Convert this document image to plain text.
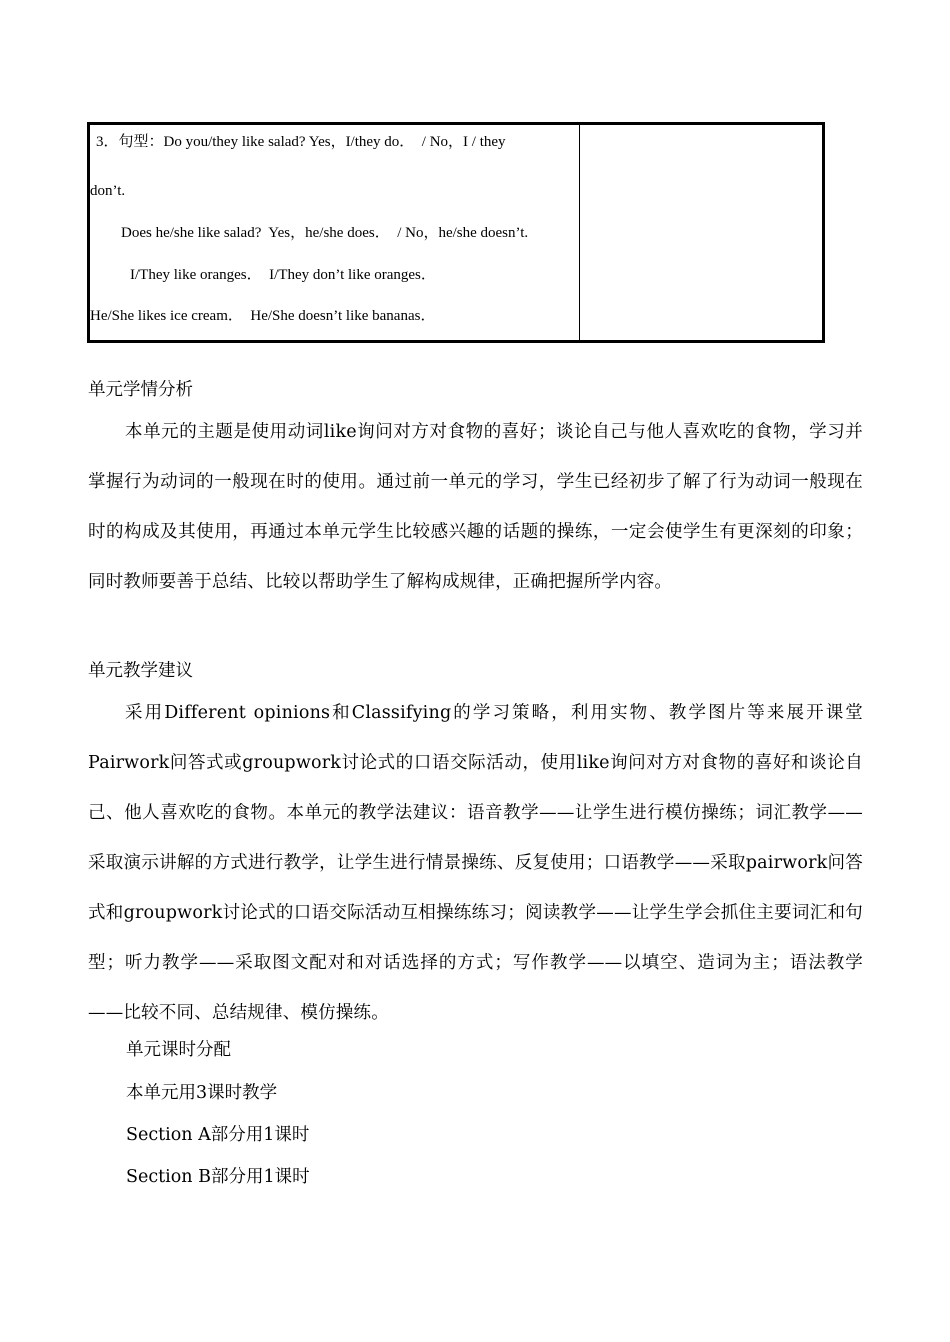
3．句型：Do you/they like salad? Yes，I/they do．  / No，I / they
don’t.
Does he/she like salad?  Yes，he/she does．  / No，he/she doesn’t.
I/They like oranges．  I/They don’t like oranges．
He/She likes ice cream．  He/She doesn’t like bananas．
单元学情分析
本单元的主题是使用动词like询问对方对食物的喜好；谈论自己与他人喜欢吃的食物，学习并掌握行为动词的一般现在时的使用。通过前一单元的学习，学生已经初步了解了行为动词一般现在时的构成及其使用，再通过本单元学生比较感兴趣的话题的操练，一定会使学生有更深刻的印象；同时教师要善于总结、比较以帮助学生了解构成规律，正确把握所学内容。
单元教学建议
采用Different opinions和Classifying的学习策略，利用实物、教学图片等来展开课堂Pairwork问答式或groupwork讨论式的口语交际活动，使用like询问对方对食物的喜好和谈论自己、他人喜欢吃的食物。本单元的教学法建议：语音教学——让学生进行模仿操练；词汇教学——采取演示讲解的方式进行教学，让学生进行情景操练、反复使用；口语教学——采取pairwork问答式和groupwork讨论式的口语交际活动互相操练练习；阅读教学——让学生学会抓住主要词汇和句型；听力教学——采取图文配对和对话选择的方式；写作教学——以填空、造词为主；语法教学——比较不同、总结规律、模仿操练。
单元课时分配
本单元用3课时教学
Section A部分用1课时
Section B部分用1课时
